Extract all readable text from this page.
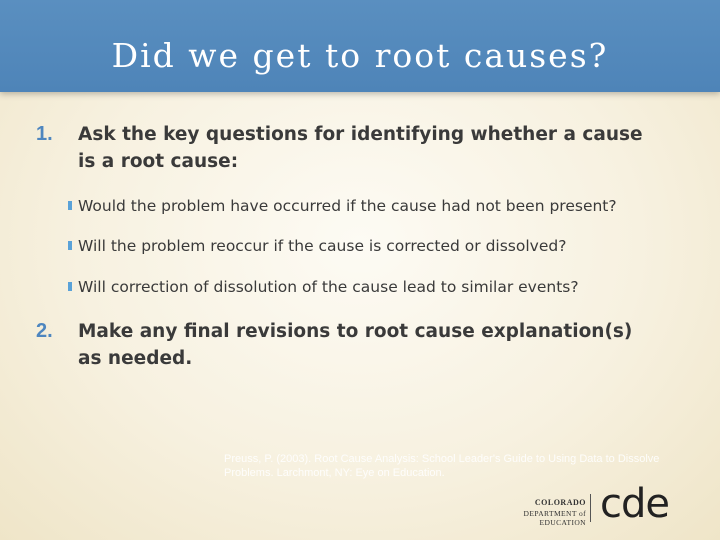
Did we get to root causes?
1. Ask the key questions for identifying whether a cause is a root cause:
Would the problem have occurred if the cause had not been present?
Will the problem reoccur if the cause is corrected or dissolved?
Will correction of dissolution of the cause lead to similar events?
2. Make any final revisions to root cause explanation(s) as needed.
Preuss, P. (2003). Root Cause Analysis: School Leader's Guide to Using Data to Dissolve Problems. Larchmont, NY: Eye on Education.
COLORADO
DEPARTMENT of EDUCATION cde
